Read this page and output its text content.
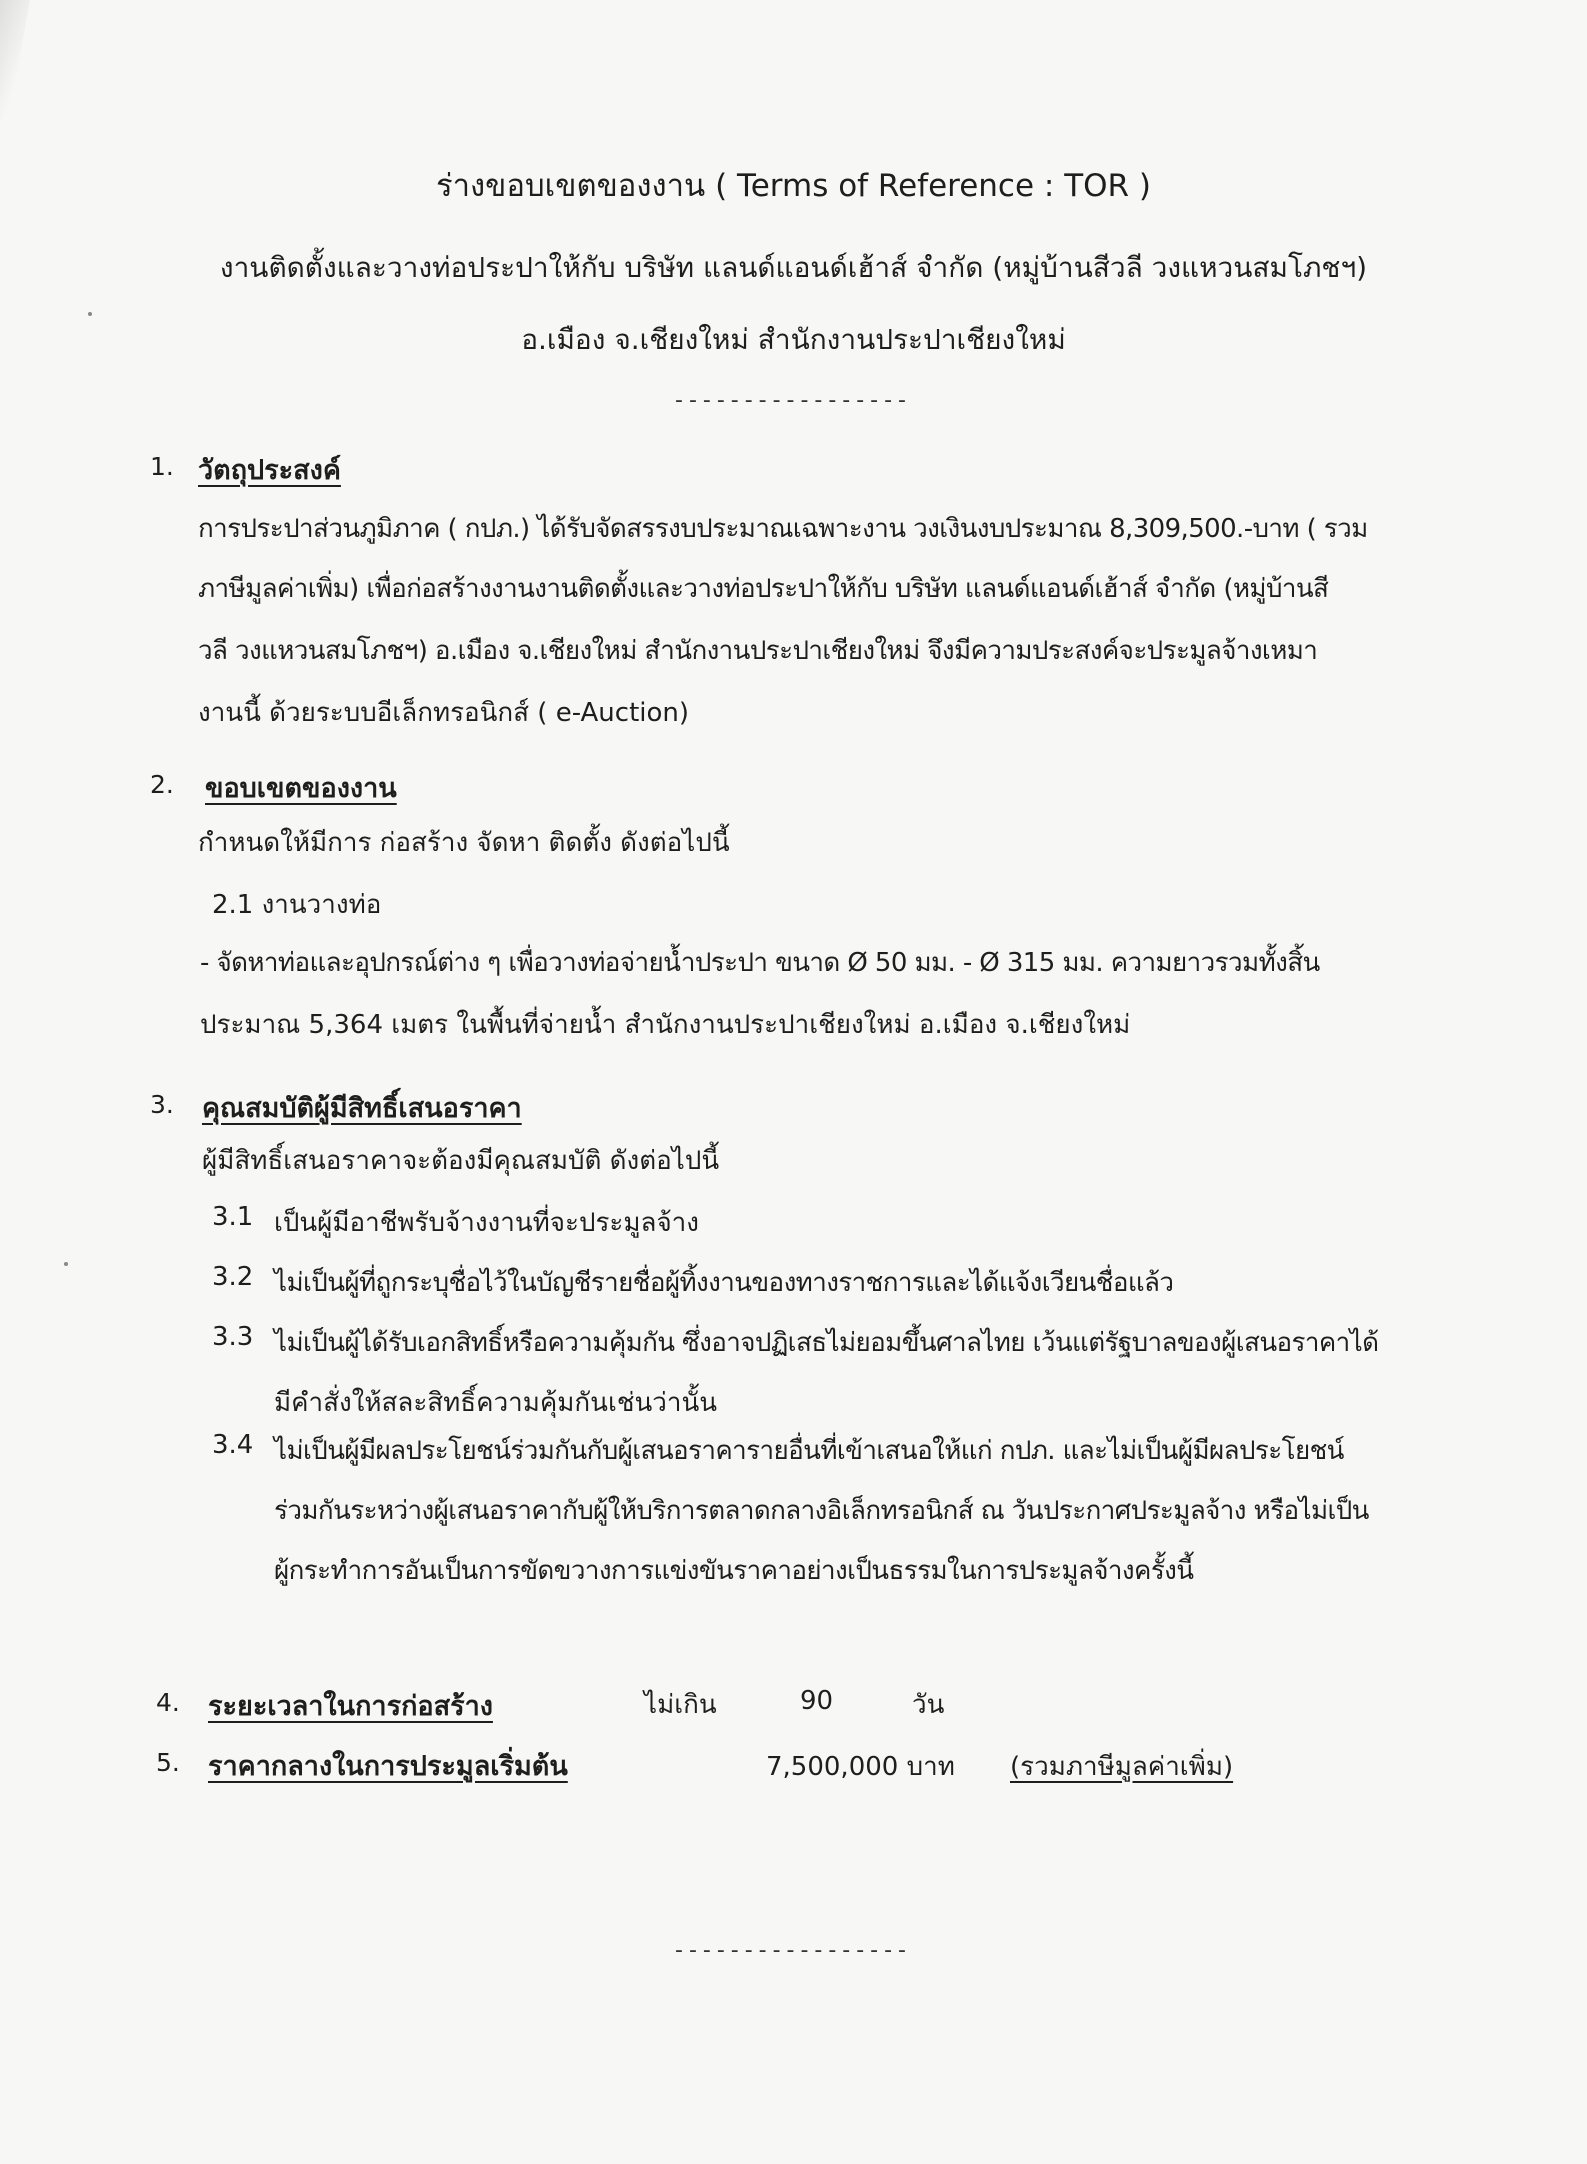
ร่างขอบเขตของงาน ( Terms of Reference : TOR )
งานติดตั้งและวางท่อประปาให้กับ บริษัท แลนด์แอนด์เฮ้าส์ จำกัด (หมู่บ้านสีวลี วงแหวนสมโภชฯ)
อ.เมือง จ.เชียงใหม่ สำนักงานประปาเชียงใหม่
-----------------
1. วัตถุประสงค์
การประปาส่วนภูมิภาค ( กปภ.) ได้รับจัดสรรงบประมาณเฉพาะงาน วงเงินงบประมาณ 8,309,500.-บาท ( รวม
ภาษีมูลค่าเพิ่ม) เพื่อก่อสร้างงานงานติดตั้งและวางท่อประปาให้กับ บริษัท แลนด์แอนด์เฮ้าส์ จำกัด (หมู่บ้านสี
วลี วงแหวนสมโภชฯ) อ.เมือง จ.เชียงใหม่ สำนักงานประปาเชียงใหม่ จึงมีความประสงค์จะประมูลจ้างเหมา
งานนี้ ด้วยระบบอีเล็กทรอนิกส์ ( e-Auction)
2. ขอบเขตของงาน
กำหนดให้มีการ ก่อสร้าง จัดหา ติดตั้ง ดังต่อไปนี้
2.1 งานวางท่อ
- จัดหาท่อและอุปกรณ์ต่าง ๆ เพื่อวางท่อจ่ายน้ำประปา ขนาด Ø 50 มม. - Ø 315 มม. ความยาวรวมทั้งสิ้น
ประมาณ 5,364 เมตร ในพื้นที่จ่ายน้ำ สำนักงานประปาเชียงใหม่ อ.เมือง จ.เชียงใหม่
3. คุณสมบัติผู้มีสิทธิ์เสนอราคา
ผู้มีสิทธิ์เสนอราคาจะต้องมีคุณสมบัติ ดังต่อไปนี้
3.1 เป็นผู้มีอาชีพรับจ้างงานที่จะประมูลจ้าง
3.2 ไม่เป็นผู้ที่ถูกระบุชื่อไว้ในบัญชีรายชื่อผู้ทิ้งงานของทางราชการและได้แจ้งเวียนชื่อแล้ว
3.3 ไม่เป็นผู้ได้รับเอกสิทธิ์หรือความคุ้มกัน ซึ่งอาจปฏิเสธไม่ยอมขึ้นศาลไทย เว้นแต่รัฐบาลของผู้เสนอราคาได้
มีคำสั่งให้สละสิทธิ์ความคุ้มกันเช่นว่านั้น
3.4 ไม่เป็นผู้มีผลประโยชน์ร่วมกันกับผู้เสนอราคารายอื่นที่เข้าเสนอให้แก่ กปภ. และไม่เป็นผู้มีผลประโยชน์
ร่วมกันระหว่างผู้เสนอราคากับผู้ให้บริการตลาดกลางอิเล็กทรอนิกส์ ณ วันประกาศประมูลจ้าง หรือไม่เป็น
ผู้กระทำการอันเป็นการขัดขวางการแข่งขันราคาอย่างเป็นธรรมในการประมูลจ้างครั้งนี้
4. ระยะเวลาในการก่อสร้าง	ไม่เกิน	90	วัน
5. ราคากลางในการประมูลเริ่มต้น	7,500,000 บาท (รวมภาษีมูลค่าเพิ่ม)
-----------------
